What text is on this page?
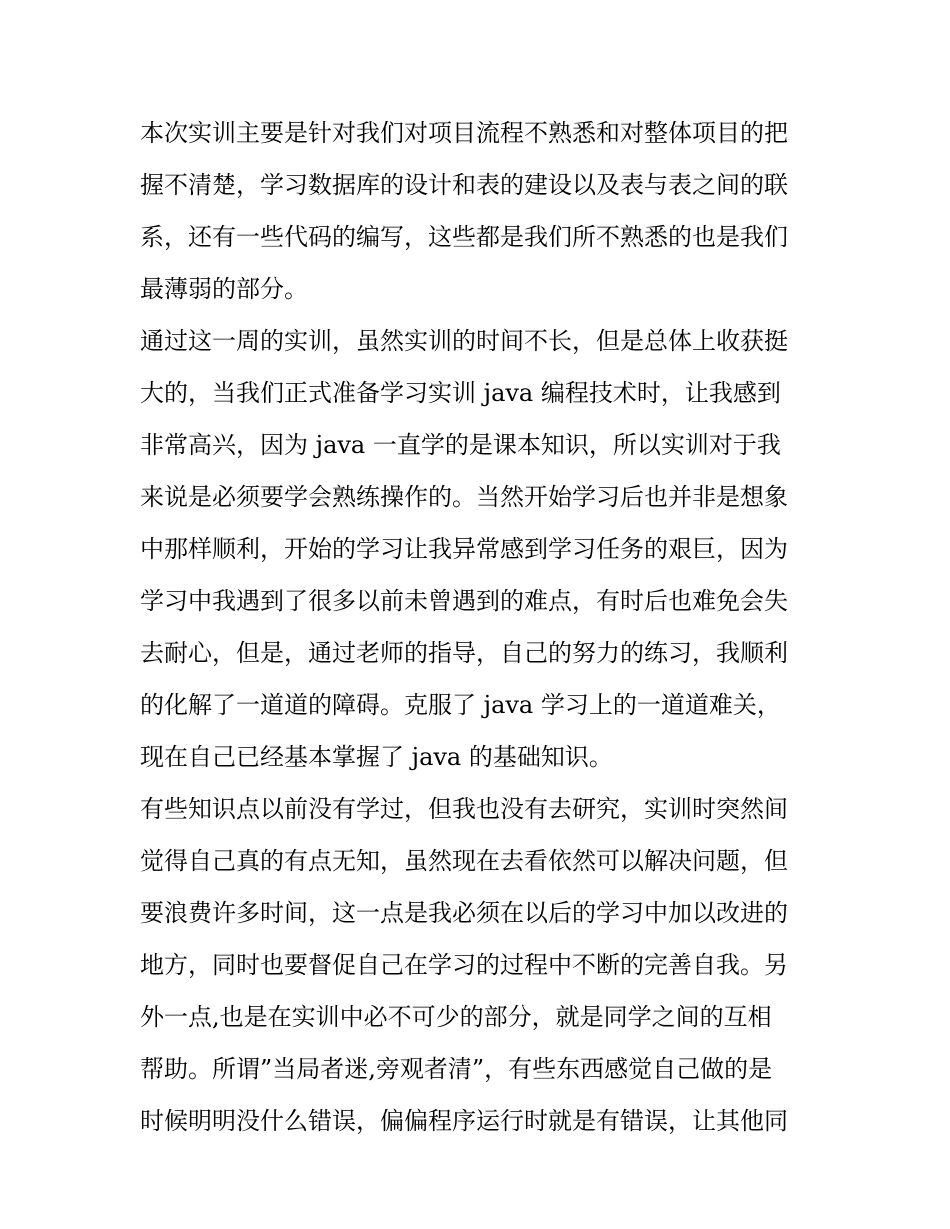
本次实训主要是针对我们对项目流程不熟悉和对整体项目的把
握不清楚，学习数据库的设计和表的建设以及表与表之间的联
系，还有一些代码的编写，这些都是我们所不熟悉的也是我们
最薄弱的部分。
通过这一周的实训，虽然实训的时间不长，但是总体上收获挺
大的，当我们正式准备学习实训 java 编程技术时，让我感到
非常高兴，因为 java 一直学的是课本知识，所以实训对于我
来说是必须要学会熟练操作的。当然开始学习后也并非是想象
中那样顺利，开始的学习让我异常感到学习任务的艰巨，因为
学习中我遇到了很多以前未曾遇到的难点，有时后也难免会失
去耐心，但是，通过老师的指导，自己的努力的练习，我顺利
的化解了一道道的障碍。克服了 java 学习上的一道道难关，
现在自己已经基本掌握了 java 的基础知识。
有些知识点以前没有学过，但我也没有去研究，实训时突然间
觉得自己真的有点无知，虽然现在去看依然可以解决问题，但
要浪费许多时间，这一点是我必须在以后的学习中加以改进的
地方，同时也要督促自己在学习的过程中不断的完善自我。另
外一点,也是在实训中必不可少的部分，就是同学之间的互相
帮助。所谓”当局者迷,旁观者清”，有些东西感觉自己做的是
时候明明没什么错误，偏偏程序运行时就是有错误，让其他同
